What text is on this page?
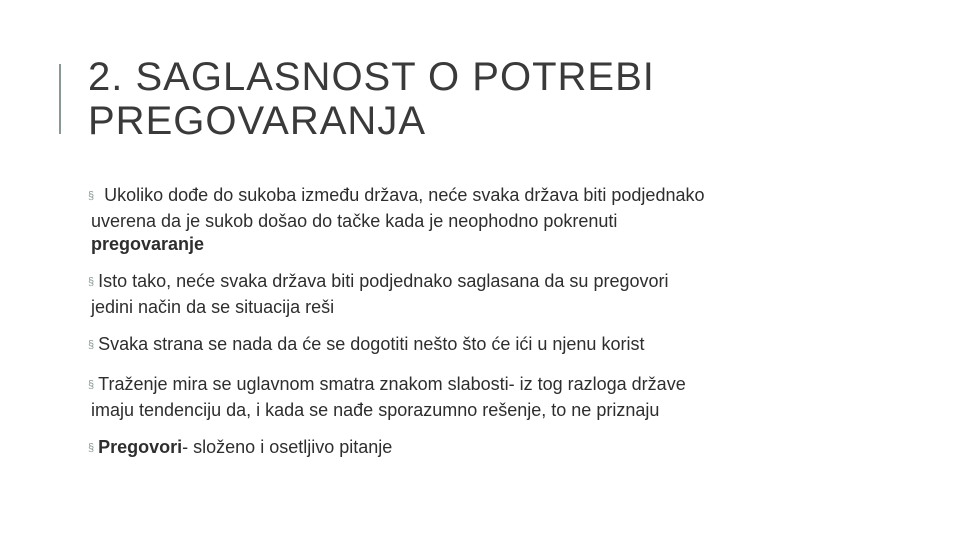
2. SAGLASNOST O POTREBI
PREGOVARANJA
§ Ukoliko dođe do sukoba između država, neće svaka država biti podjednako
uverena da je sukob došao do tačke kada je neophodno pokrenuti
pregovaranje
§ Isto tako, neće svaka država biti podjednako saglasana da su pregovori
jedini način da se situacija reši
§ Svaka strana se nada da će se dogotiti nešto što će ići u njenu korist
§ Traženje mira se uglavnom smatra znakom slabosti- iz tog razloga države
imaju tendenciju da, i kada se nađe sporazumno rešenje, to ne priznaju
§ Pregovori- složeno i osetljivo pitanje
